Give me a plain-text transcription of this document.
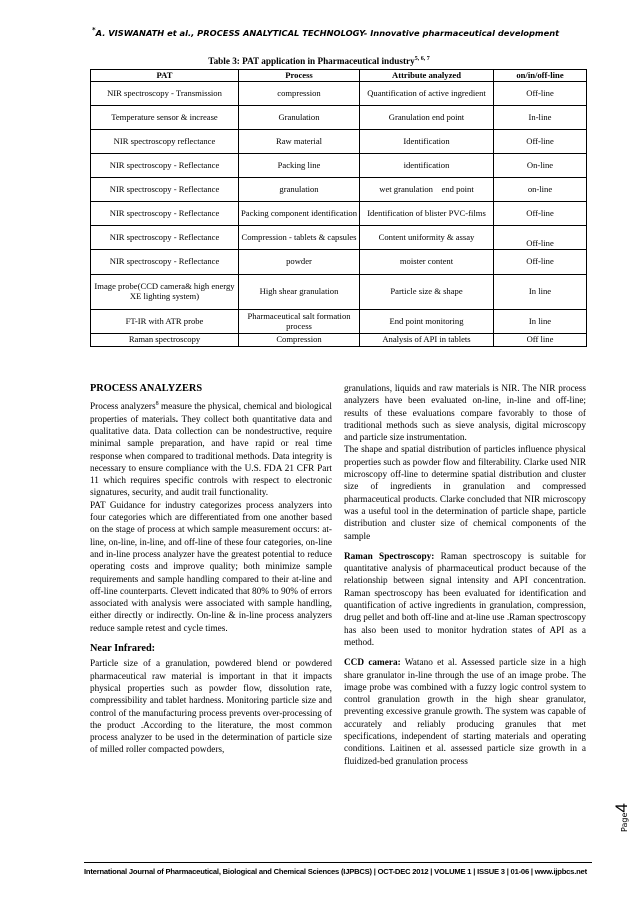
*A. VISWANATH et al., PROCESS ANALYTICAL TECHNOLOGY- Innovative pharmaceutical development
Table 3: PAT application in Pharmaceutical industry$^{5, 6, 7}$
PAT	Process	Attribute analyzed	on/in/off-line
NIR spectroscopy - Transmission	compression	Quantification of active ingredient	Off-line
Temperature sensor & increase	Granulation	Granulation end point	In-line
NIR spectroscopy reflectance	Raw material	Identification	Off-line
NIR spectroscopy - Reflectance	Packing line	identification	On-line
NIR spectroscopy - Reflectance	granulation	wet granulation    end point	on-line
NIR spectroscopy - Reflectance	Packing component identification	Identification of blister PVC-films	Off-line
NIR spectroscopy - Reflectance	Compression - tablets & capsules	Content uniformity & assay	Off-line
NIR spectroscopy - Reflectance	powder	moister content	Off-line
Image probe(CCD camera& high energy XE lighting system)	High shear granulation	Particle size & shape	In line
FT-IR with ATR probe	Pharmaceutical salt formation process	End point monitoring	In line
Raman spectroscopy	Compression	Analysis of API in tablets	Off line
PROCESS ANALYZERS

Process analyzers$^8$ measure the physical, chemical and biological properties of materials. They collect both quantitative data and qualitative data. Data collection can be nondestructive, require minimal sample preparation, and have rapid or real time response when compared to traditional methods. Data integrity is necessary to ensure compliance with the U.S. FDA 21 CFR Part 11 which requires specific controls with respect to electronic signatures, security, and audit trail functionality.

PAT Guidance for industry categorizes process analyzers into four categories which are differentiated from one another based on the stage of process at which sample measurement occurs: at-line, on-line, in-line, and off-line of these four categories, on-line and in-line process analyzer have the greatest potential to reduce operating costs and improve quality; both minimize sample requirements and sample handling compared to their at-line and off-line counterparts. Clevett indicated that 80% to 90% of errors associated with analysis were associated with sample handling, either directly or indirectly. On-line & in-line process analyzers reduce sample retest and cycle times.

Near Infrared:

Particle size of a granulation, powdered blend or powdered pharmaceutical raw material is important in that it impacts physical properties such as powder flow, dissolution rate, compressibility and tablet hardness. Monitoring particle size and control of the manufacturing process prevents over-processing of the product .According to the literature, the most common process analyzer to be used in the determination of particle size of milled roller compacted powders,

granulations, liquids and raw materials is NIR. The NIR process analyzers have been evaluated on-line, in-line and off-line; results of these evaluations compare favorably to those of traditional methods such as sieve analysis, digital microscopy and particle size instrumentation.

The shape and spatial distribution of particles influence physical properties such as powder flow and filterability. Clarke used NIR microscopy off-line to determine spatial distribution and cluster size of ingredients in granulation and compressed pharmaceutical products. Clarke concluded that NIR microscopy was a useful tool in the determination of particle shape, particle distribution and cluster size of chemical components of the sample

Raman Spectroscopy: Raman spectroscopy is suitable for quantitative analysis of pharmaceutical product because of the relationship between signal intensity and API concentration. Raman spectroscopy has been evaluated for identification and quantification of active ingredients in granulation, compression, drug pellet and both off-line and at-line use .Raman spectroscopy has also been used to monitor hydration states of API as a method.

CCD camera: Watano et al. Assessed particle size in a high share granulator in-line through the use of an image probe. The image probe was combined with a fuzzy logic control system to control granulation growth in the high shear granulator, preventing excessive granule growth. The system was capable of accurately and reliably producing granules that met specifications, independent of starting materials and operating conditions. Laitinen et al. assessed particle size growth in a fluidized-bed granulation process

Page4
International Journal of Pharmaceutical, Biological and Chemical Sciences (IJPBCS) | OCT-DEC 2012 | VOLUME 1 | ISSUE 3 | 01-06 | www.ijpbcs.net
